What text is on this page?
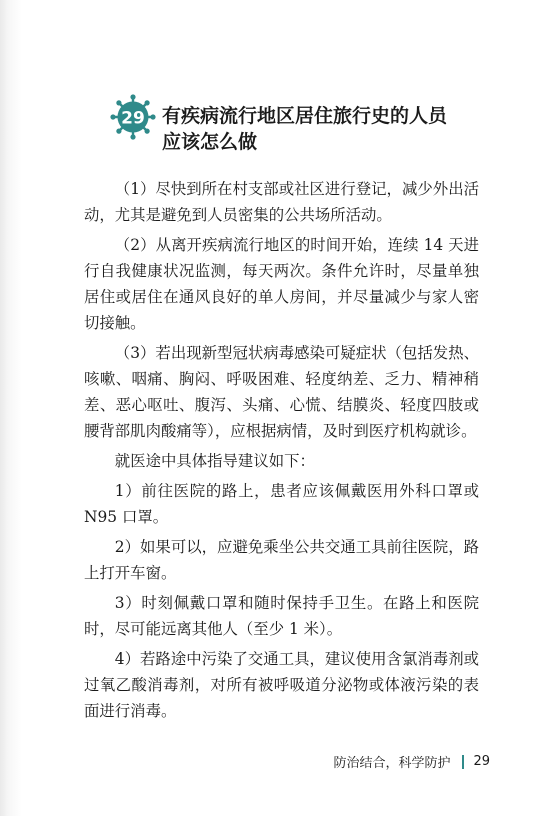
29 有疾病流行地区居住旅行史的人员
应该怎么做

（1）尽快到所在村支部或社区进行登记，减少外出活动，尤其是避免到人员密集的公共场所活动。

（2）从离开疾病流行地区的时间开始，连续 14 天进行自我健康状况监测，每天两次。条件允许时，尽量单独居住或居住在通风良好的单人房间，并尽量减少与家人密切接触。

（3）若出现新型冠状病毒感染可疑症状（包括发热、咳嗽、咽痛、胸闷、呼吸困难、轻度纳差、乏力、精神稍差、恶心呕吐、腹泻、头痛、心慌、结膜炎、轻度四肢或腰背部肌肉酸痛等），应根据病情，及时到医疗机构就诊。

就医途中具体指导建议如下：

1）前往医院的路上，患者应该佩戴医用外科口罩或 N95 口罩。

2）如果可以，应避免乘坐公共交通工具前往医院，路上打开车窗。

3）时刻佩戴口罩和随时保持手卫生。在路上和医院时，尽可能远离其他人（至少 1 米）。

4）若路途中污染了交通工具，建议使用含氯消毒剂或过氧乙酸消毒剂，对所有被呼吸道分泌物或体液污染的表面进行消毒。

防治结合，科学防护 29
